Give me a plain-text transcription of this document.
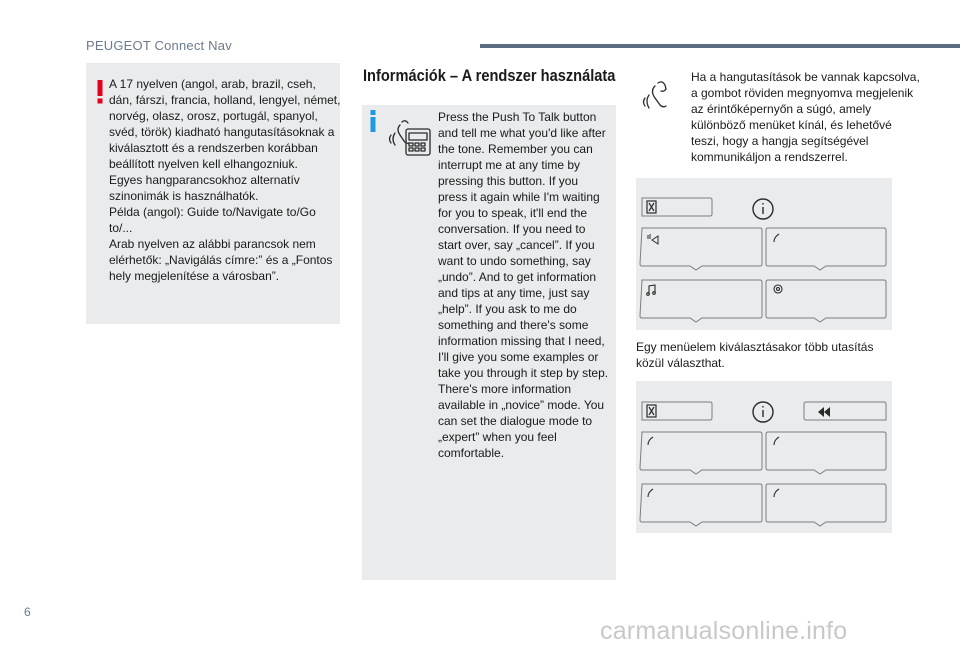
PEUGEOT Connect Nav

A 17 nyelven (angol, arab, brazil, cseh, dán, fárszi, francia, holland, lengyel, német, norvég, olasz, orosz, portugál, spanyol, svéd, török) kiadható hangutasításoknak a kiválasztott és a rendszerben korábban beállított nyelven kell elhangozniuk.

Egyes hangparancsokhoz alternatív szinonimák is használhatók.

Példa (angol): Guide to/Navigate to/Go to/...

Arab nyelven az alábbi parancsok nem elérhetők: „Navigálás címre:” és a „Fontos hely megjelenítése a városban”.

Információk – A rendszer használata
Press the Push To Talk button and tell me what you'd like after the tone. Remember you can interrupt me at any time by pressing this button. If you press it again while I'm waiting for you to speak, it'll end the conversation. If you need to start over, say „cancel”. If you want to undo something, say „undo”. And to get information and tips at any time, just say „help”. If you ask to me do something and there's some information missing that I need, I'll give you some examples or take you through it step by step. There's more information available in „novice” mode. You can set the dialogue mode to „expert” when you feel comfortable.
Ha a hangutasítások be vannak kapcsolva, a gombot röviden megnyomva megjelenik az érintőképernyőn a súgó, amely különböző menüket kínál, és lehetővé teszi, hogy a hangja segítségével kommunikáljon a rendszerrel.
Egy menüelem kiválasztásakor több utasítás közül választhat.
6
carmanualsonline.info
